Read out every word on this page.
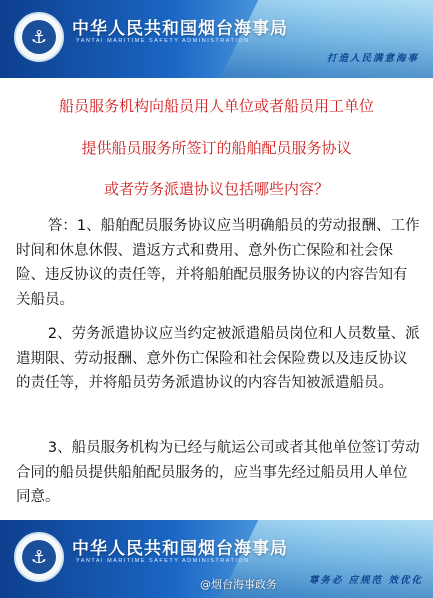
⚓	中华人民共和国烟台海事局
YANTAI MARITIME SAFETY ADMINISTRATION
打造人民满意海事
船员服务机构向船员用人单位或者船员用工单位
提供船员服务所签订的船舶配员服务协议
或者劳务派遣协议包括哪些内容？
答：1、船舶配员服务协议应当明确船员的劳动报酬、工作时间和休息休假、遣返方式和费用、意外伤亡保险和社会保险、违反协议的责任等，并将船舶配员服务协议的内容告知有关船员。
2、劳务派遣协议应当约定被派遣船员岗位和人员数量、派遣期限、劳动报酬、意外伤亡保险和社会保险费以及违反协议的责任等，并将船员劳务派遣协议的内容告知被派遣船员。
3、船员服务机构为已经与航运公司或者其他单位签订劳动合同的船员提供船舶配员服务的，应当事先经过船员用人单位同意。
⚓	中华人民共和国烟台海事局
YANTAI MARITIME SAFETY ADMINISTRATION
@烟台海事政务	尊务必 应规范 效优化
